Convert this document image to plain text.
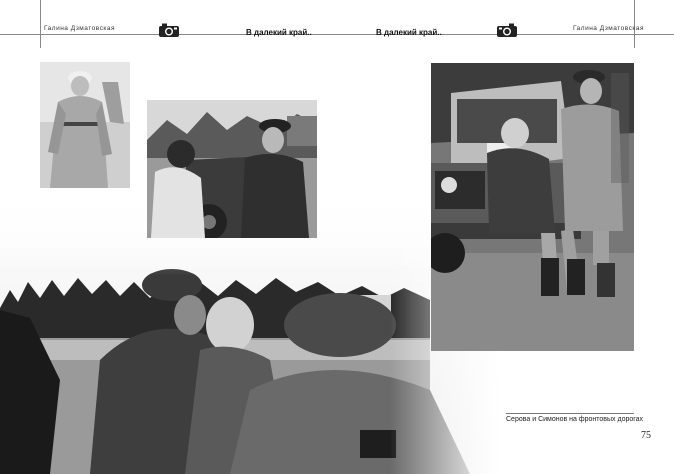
Галина Дзматовская	В далекий край..	В далекий край..	Галина Дзматовская
Серова и Симонов на фронтовых дорогах
75
